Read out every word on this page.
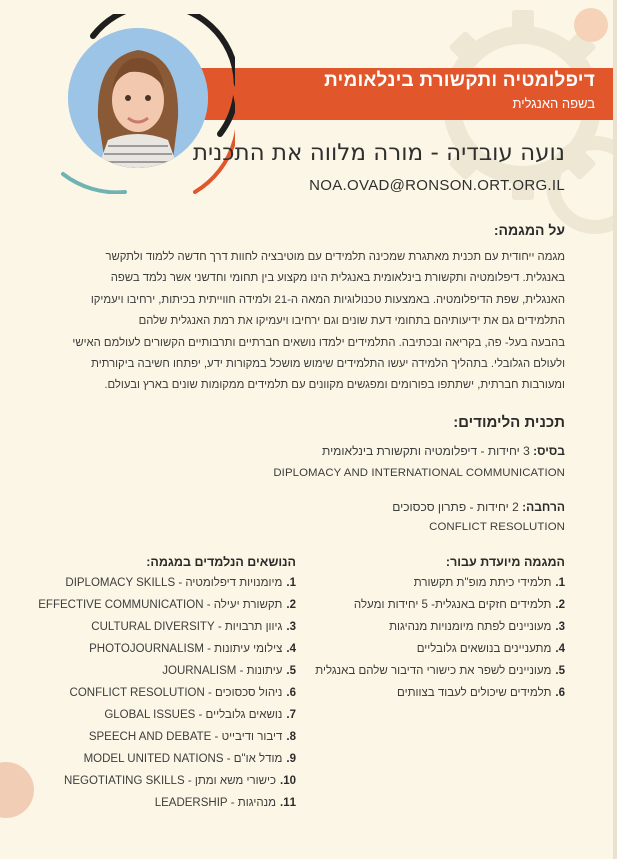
דיפלומטיה ותקשורת בינלאומית
בשפה האנגלית
נועה עובדיה - מורה מלווה את התכנית
NOA.OVAD@RONSON.ORT.ORG.IL
על המגמה:
מגמה ייחודית עם תכנית מאתגרת שמכינה תלמידים עם מוטיבציה לחוות דרך חדשה ללמוד ולתקשר
באנגלית. דיפלומטיה ותקשורת בינלאומית באנגלית הינו מקצוע בין תחומי וחדשני אשר נלמד בשפה
האנגלית, שפת הדיפלומטיה. באמצעות טכנולוגיות המאה ה-21 ולמידה חווייתית בכיתות, ירחיבו ויעמיקו
התלמידים גם את ידיעותיהם בתחומי דעת שונים וגם ירחיבו ויעמיקו את רמת האנגלית שלהם
בהבעה בעל- פה, בקריאה ובכתיבה. התלמידים ילמדו נושאים חברתיים ותרבותיים הקשורים לעולמם האישי
ולעולם הגלובלי. בתהליך הלמידה יעשו התלמידים שימוש מושכל במקורות ידע, יפתחו חשיבה ביקורתית
ומעורבות חברתית, ישתתפו בפורומים ומפגשים מקוונים עם תלמידים ממקומות שונים בארץ ובעולם.
תכנית הלימודים:
בסיס: 3 יחידות - דיפלומטיה ותקשורת בינלאומית
DIPLOMACY AND INTERNATIONAL COMMUNICATION
הרחבה: 2 יחידות - פתרון סכסוכים
CONFLICT RESOLUTION
המגמה מיועדת עבור:
1.תלמידי כיתת מופ"ת תקשורת
2.תלמידים חזקים באנגלית- 5 יחידות ומעלה
3.מעוניינים לפתח מיומנויות מנהיגות
4.מתעניינים בנושאים גלובליים
5.מעוניינים לשפר את כישורי הדיבור שלהם באנגלית
6.תלמידים שיכולים לעבוד בצוותים
הנושאים הנלמדים במגמה:
1.מיומנויות דיפלומטיה - DIPLOMACY SKILLS
2.תקשורת יעילה - EFFECTIVE COMMUNICATION
3.גיוון תרבויות - CULTURAL DIVERSITY
4.צילומי עיתונות - PHOTOJOURNALISM
5.עיתונות - JOURNALISM
6.ניהול סכסוכים - CONFLICT RESOLUTION
7.נושאים גלובליים - GLOBAL ISSUES
8.דיבור ודיבייט - SPEECH AND DEBATE
9.מודל או"ם - MODEL UNITED NATIONS
10.כישורי משא ומתן - NEGOTIATING SKILLS
11.מנהיגות - LEADERSHIP
